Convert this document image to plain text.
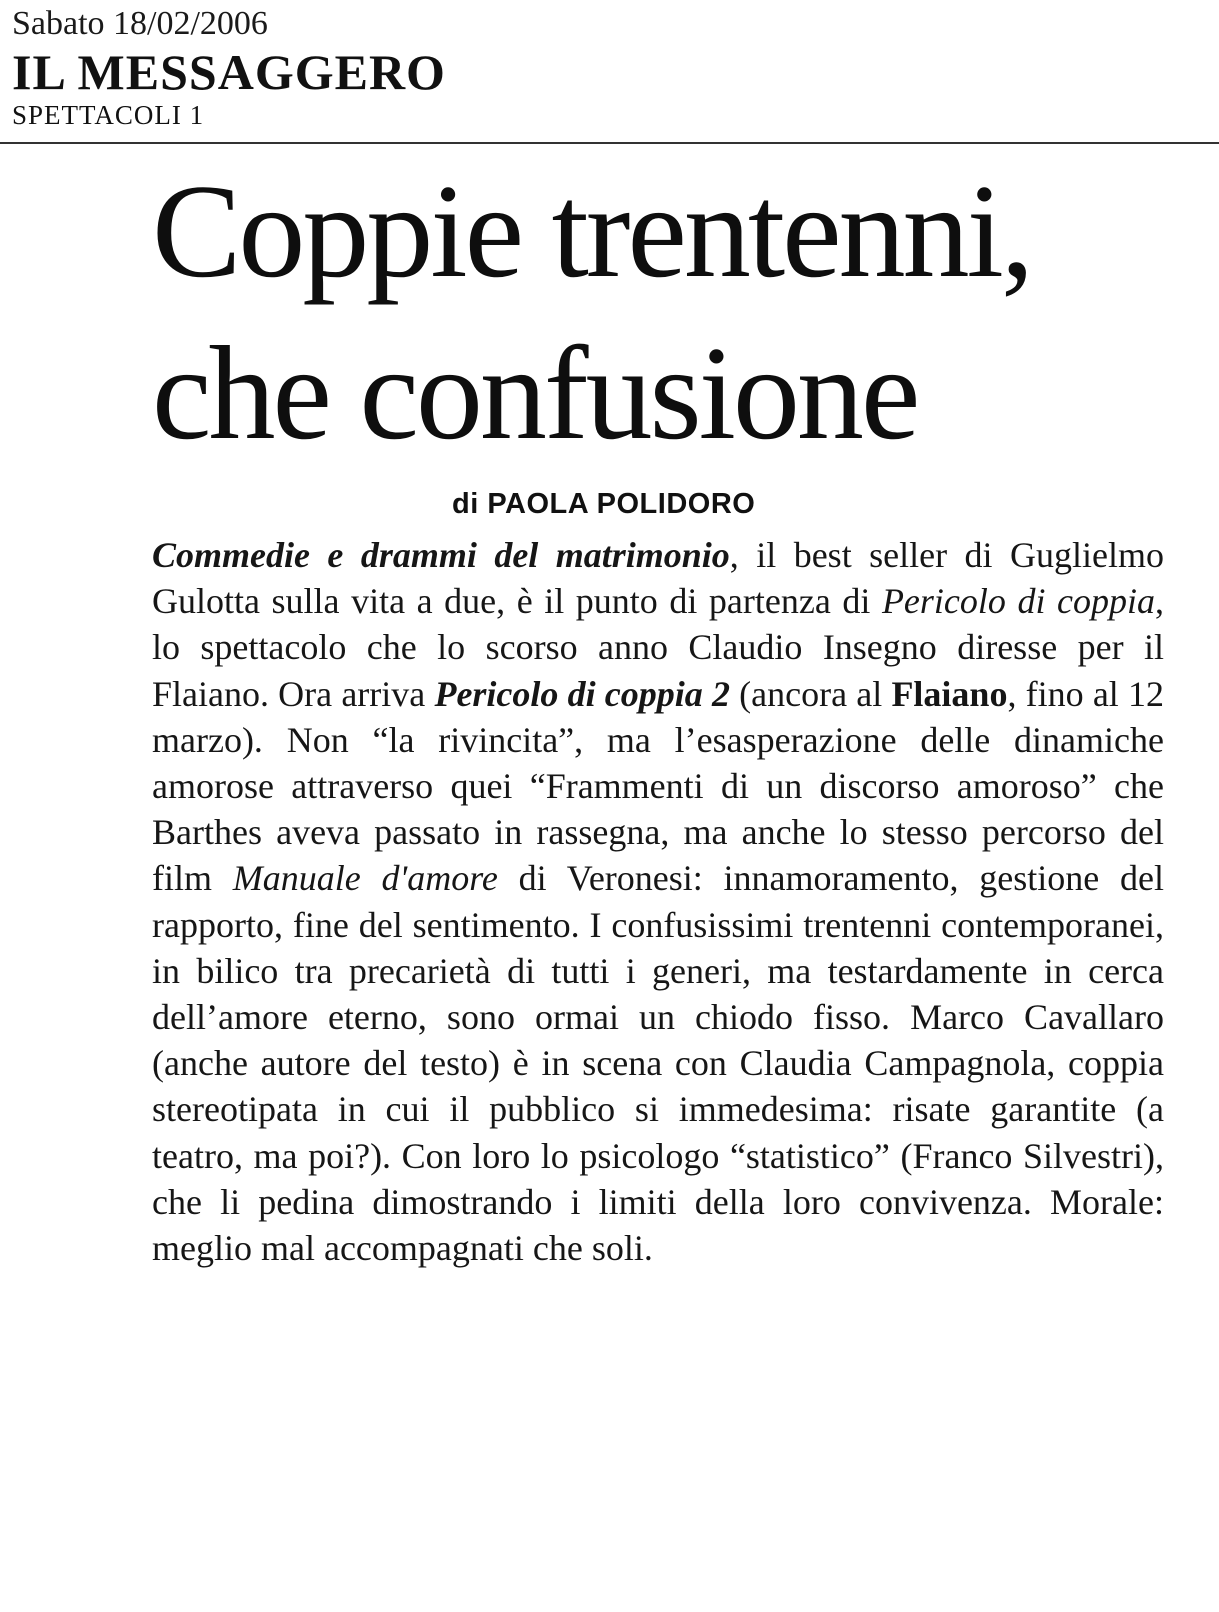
Sabato 18/02/2006
IL MESSAGGERO
SPETTACOLI 1
Coppie trentenni,
che confusione
di PAOLA POLIDORO
Commedie e drammi del matrimonio, il best seller di Guglielmo Gulotta sulla vita a due, è il punto di partenza di Pericolo di coppia, lo spettacolo che lo scorso anno Claudio Insegno diresse per il Flaiano. Ora arriva Pericolo di coppia 2 (ancora al Flaiano, fino al 12 marzo). Non “la rivincita”, ma l’esasperazione delle dinamiche amorose attraverso quei “Frammenti di un discorso amoroso” che Barthes aveva passato in rassegna, ma anche lo stesso percorso del film Manuale d'amore di Veronesi: innamoramento, gestione del rapporto, fine del sentimento. I confusissimi trentenni contemporanei, in bilico tra precarietà di tutti i generi, ma testardamente in cerca dell’amore eterno, sono ormai un chiodo fisso. Marco Cavallaro (anche autore del testo) è in scena con Claudia Campagnola, coppia stereotipata in cui il pubblico si immedesima: risate garantite (a teatro, ma poi?). Con loro lo psicologo “statistico” (Franco Silvestri), che li pedina dimostrando i limiti della loro convivenza. Morale: meglio mal accompagnati che soli.
